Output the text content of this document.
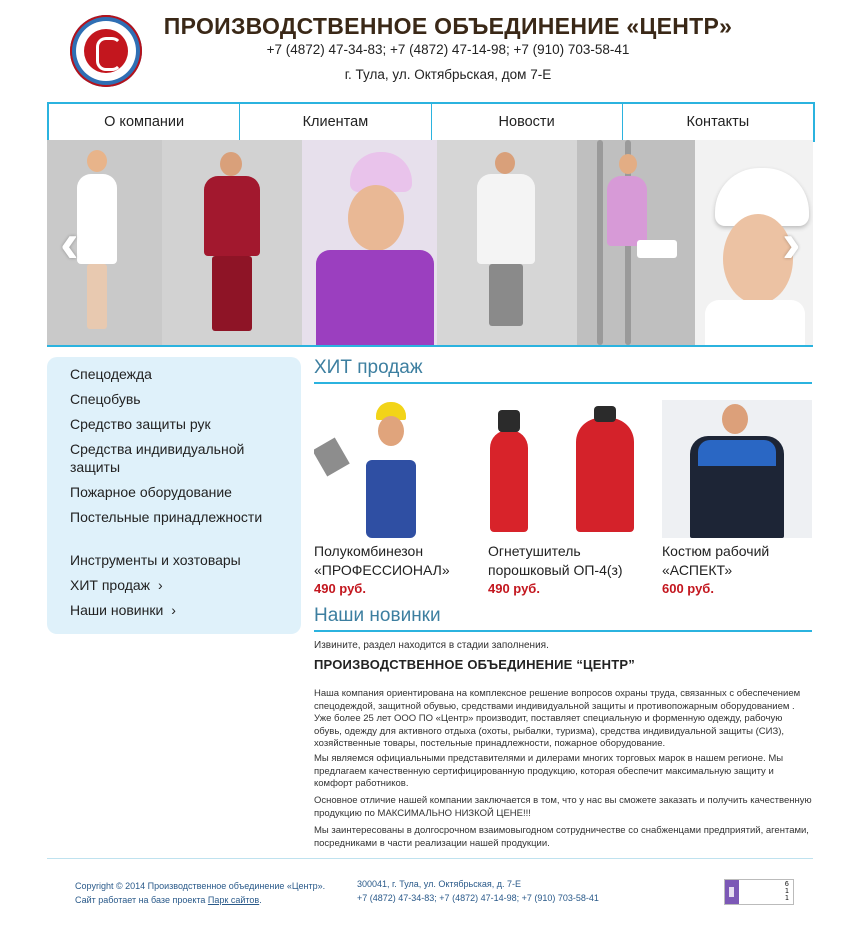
ПРОИЗВОДСТВЕННОЕ ОБЪЕДИНЕНИЕ «ЦЕНТР»
+7 (4872) 47-34-83; +7 (4872) 47-14-98; +7 (910) 703-58-41
г. Тула, ул. Октябрьская, дом 7-Е
О компании	Клиентам	Новости	Контакты
‹	›
Спецодежда
Спецобувь
Средство защиты рук
Средства индивидуальной защиты
Пожарное оборудование
Постельные принадлежности
Инструменты и хозтовары
ХИТ продаж ›
Наши новинки ›
ХИТ продаж
Полукомбинезон «ПРОФЕССИОНАЛ»
490 руб.
Огнетушитель порошковый ОП-4(з)
490 руб.
Костюм рабочий «АСПЕКТ»
600 руб.
Наши новинки
Извините, раздел находится в стадии заполнения.
ПРОИЗВОДСТВЕННОЕ ОБЪЕДИНЕНИЕ “ЦЕНТР”
Наша компания ориентирована на комплексное решение вопросов охраны труда, связанных с обеспечением спецодеждой, защитной обувью, средствами индивидуальной защиты и противопожарным оборудованием . Уже более 25 лет ООО ПО «Центр» производит, поставляет специальную и форменную одежду, рабочую обувь, одежду для активного отдыха (охоты, рыбалки, туризма), средства индивидуальной защиты (СИЗ), хозяйственные товары, постельные принадлежности, пожарное оборудование.
Мы являемся официальными представителями и дилерами многих торговых марок в нашем регионе. Мы предлагаем качественную сертифицированную продукцию, которая обеспечит максимальную защиту и комфорт работников.
Основное отличие нашей компании заключается в том, что у нас вы сможете заказать и получить качественную продукцию по МАКСИМАЛЬНО НИЗКОЙ ЦЕНЕ!!!
Мы заинтересованы в долгосрочном взаимовыгодном сотрудничестве со снабженцами предприятий, агентами, посредниками в части реализации нашей продукции.
Copyright © 2014 Производственное объединение «Центр».
Сайт работает на базе проекта Парк сайтов.
300041, г. Тула, ул. Октябрьская, д. 7-Е
+7 (4872) 47-34-83; +7 (4872) 47-14-98; +7 (910) 703-58-41
6
1
1
